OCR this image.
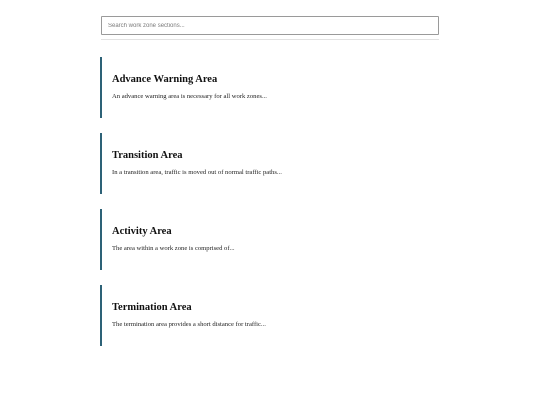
Search work zone sections...
Advance Warning Area

An advance warning area is necessary for all work zones...

Transition Area

In a transition area, traffic is moved out of normal traffic paths...

Activity Area

The area within a work zone is comprised of...

Termination Area

The termination area provides a short distance for traffic...
